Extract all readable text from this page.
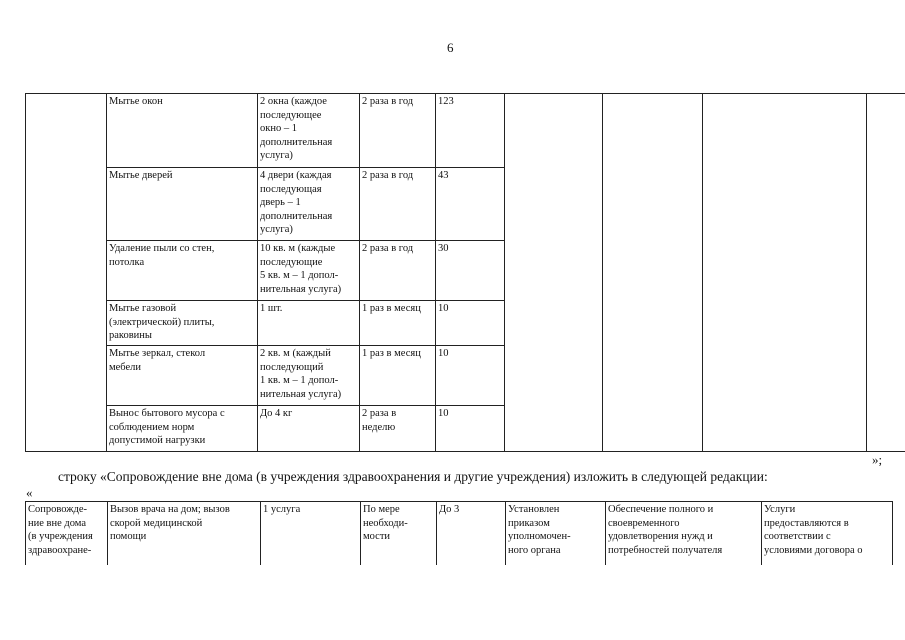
6
	Мытье окон	2 окна (каждое
последующее
окно – 1
дополнительная
услуга)	2 раза в год	123				
	Мытье дверей	4 двери (каждая
последующая
дверь – 1
дополнительная
услуга)	2 раза в год	43				
	Удаление пыли со стен,
потолка	10 кв. м (каждые
последующие
5 кв. м – 1 допол-
нительная услуга)	2 раза в год	30				
	Мытье газовой
(электрической) плиты,
раковины	1 шт.	1 раз в месяц	10				
	Мытье зеркал, стекол
мебели	2 кв. м (каждый
последующий
1 кв. м – 1 допол-
нительная услуга)	1 раз в месяц	10				
	Вынос бытового мусора с
соблюдением норм
допустимой нагрузки	До 4 кг	2 раза в
неделю	10				
»;
строку «Сопровождение вне дома (в учреждения здравоохранения и другие учреждения) изложить в следующей редакции:
«
Сопровожде-
ние вне дома
(в учреждения
здравоохране-	Вызов врача на дом; вызов
скорой медицинской
помощи	1 услуга	По мере
необходи-
мости	До 3	Установлен
приказом
уполномочен-
ного органа	Обеспечение полного и
своевременного
удовлетворения нужд и
потребностей получателя	Услуги
предоставляются в
соответствии с
условиями договора о
